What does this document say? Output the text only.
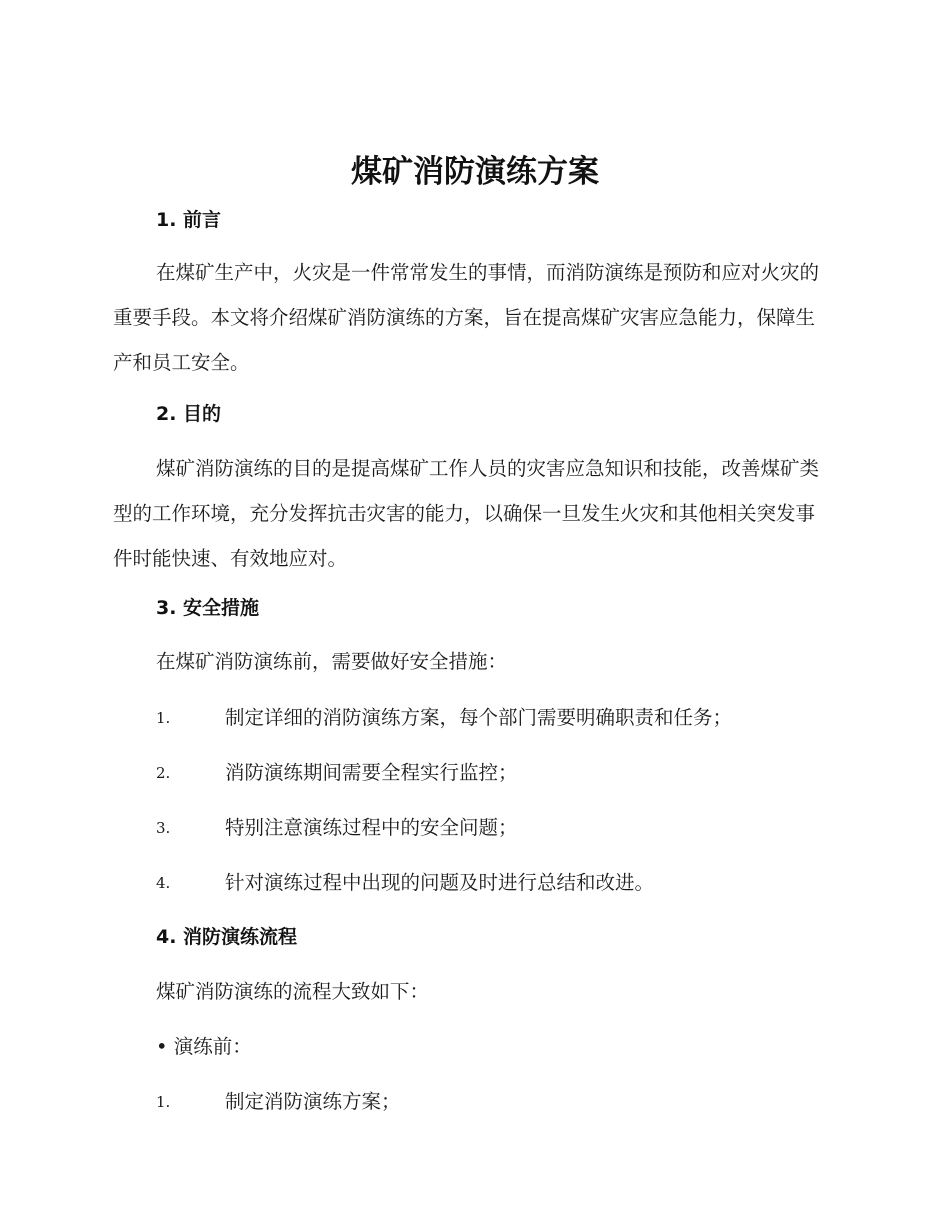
煤矿消防演练方案
1. 前言
在煤矿生产中，火灾是一件常常发生的事情，而消防演练是预防和应对火灾的重要手段。本文将介绍煤矿消防演练的方案，旨在提高煤矿灾害应急能力，保障生产和员工安全。
2. 目的
煤矿消防演练的目的是提高煤矿工作人员的灾害应急知识和技能，改善煤矿类型的工作环境，充分发挥抗击灾害的能力，以确保一旦发生火灾和其他相关突发事件时能快速、有效地应对。
3. 安全措施
在煤矿消防演练前，需要做好安全措施：
1.	制定详细的消防演练方案，每个部门需要明确职责和任务；
2.	消防演练期间需要全程实行监控；
3.	特别注意演练过程中的安全问题；
4.	针对演练过程中出现的问题及时进行总结和改进。
4. 消防演练流程
煤矿消防演练的流程大致如下：
• 演练前：
1.	制定消防演练方案；
